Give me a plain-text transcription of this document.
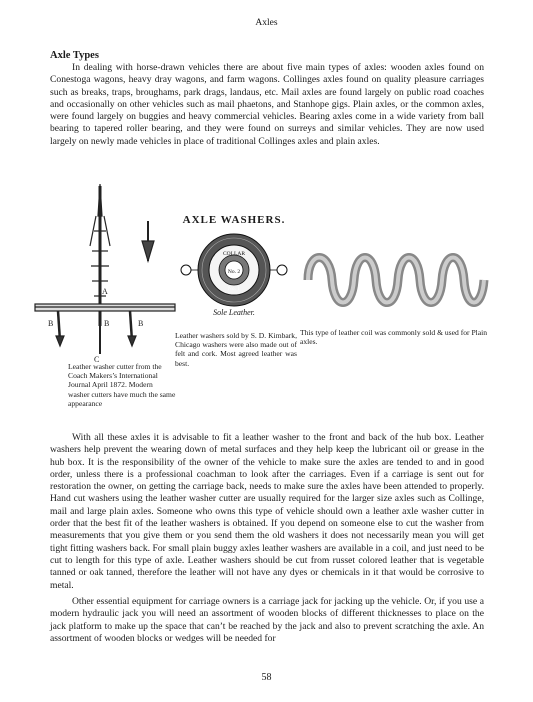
Axles
Axle Types

In dealing with horse-drawn vehicles there are about five main types of axles: wooden axles found on Conestoga wagons, heavy dray wagons, and farm wagons. Collinges axles found on quality pleasure carriages such as breaks, traps, broughams, park drags, landaus, etc. Mail axles are found largely on public road coaches and occasionally on other vehicles such as mail phaetons, and Stanhope gigs. Plain axles, or the common axles, were found largely on buggies and heavy commercial vehicles. Bearing axles come in a wide variety from ball bearing to tapered roller bearing, and they were found on surreys and similar vehicles. They are now used largely on newly made vehicles in place of traditional Collinges axles and plain axles.

A
B	B	B
C

Leather washer cutter from the Coach Makers’s International Journal April 1872. Modern washer cutters have much the same appearance

AXLE WASHERS.
COLLAR
No. 2
No. 1
Sole Leather.

Leather washers sold by S. D. Kimbark, Chicago washers were also made out of felt and cork. Most agreed leather was best.

This type of leather coil was commonly sold & used for Plain axles.

With all these axles it is advisable to fit a leather washer to the front and back of the hub box. Leather washers help prevent the wearing down of metal surfaces and they help keep the lubricant oil or grease in the hub box. It is the responsibility of the owner of the vehicle to make sure the axles are tended to and in good order, unless there is a professional coachman to look after the carriages. Even if a carriage is sent out for restoration the owner, on getting the carriage back, needs to make sure the axles have been attended to properly. Hand cut washers using the leather washer cutter are usually required for the larger size axles such as Collinge, mail and large plain axles. Someone who owns this type of vehicle should own a leather axle washer cutter in order that the best fit of the leather washers is obtained. If you depend on someone else to cut the washer from measurements that you give them or you send them the old washers it does not necessarily mean you will get tight fitting washers back. For small plain buggy axles leather washers are available in a coil, and just need to be cut to length for this type of axle. Leather washers should be cut from russet colored leather that is vegetable tanned or oak tanned, therefore the leather will not have any dyes or chemicals in it that would be corrosive to metal.

Other essential equipment for carriage owners is a carriage jack for jacking up the vehicle. Or, if you use a modern hydraulic jack you will need an assortment of wooden blocks of different thicknesses to place on the jack platform to make up the space that can’t be reached by the jack and also to prevent scratching the axle. An assortment of wooden blocks or wedges will be needed for

58
